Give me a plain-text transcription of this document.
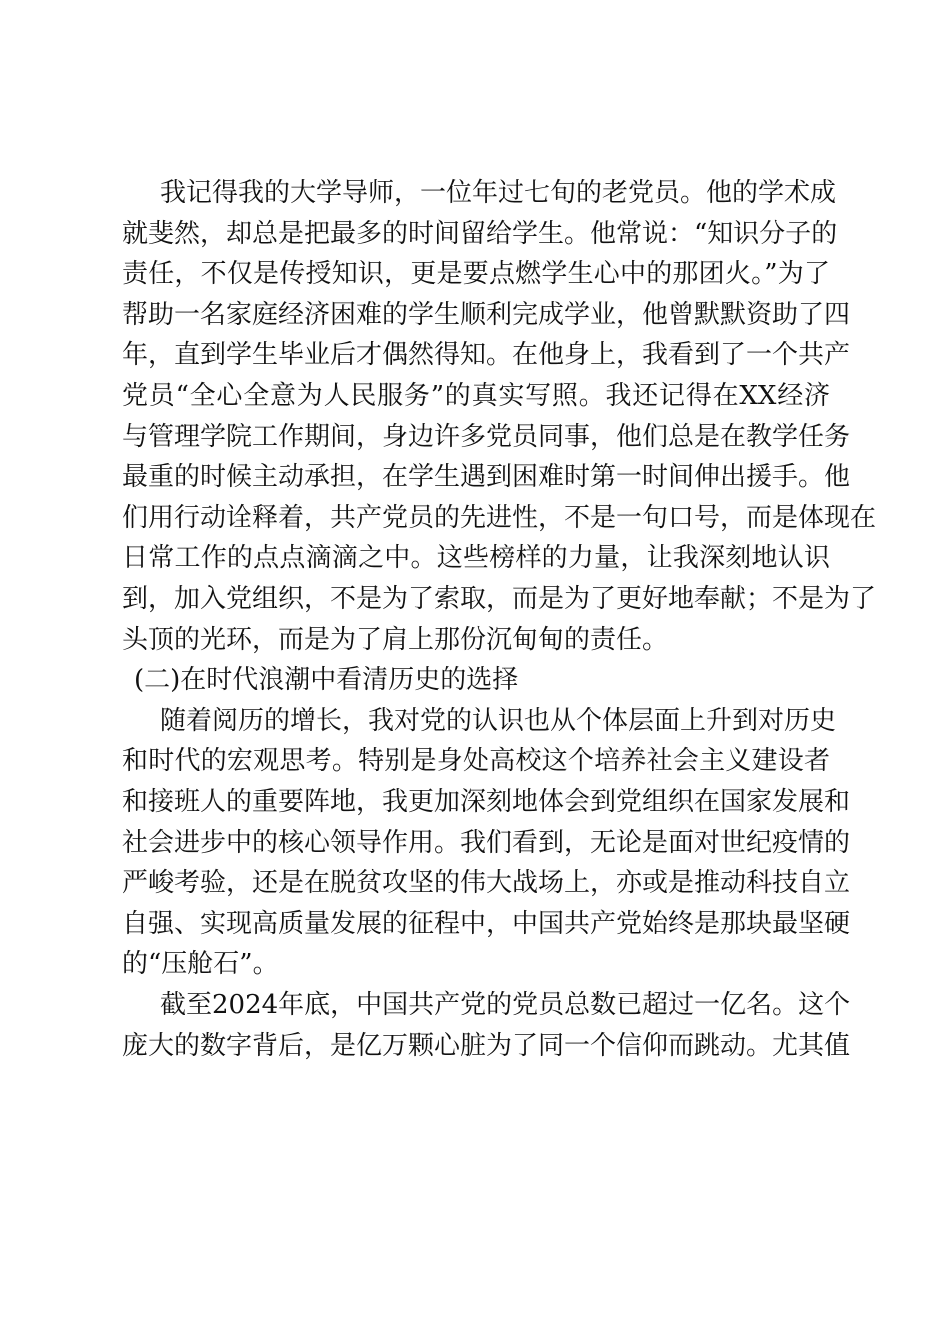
我记得我的大学导师，一位年过七旬的老党员。他的学术成
就斐然，却总是把最多的时间留给学生。他常说：“知识分子的
责任，不仅是传授知识，更是要点燃学生心中的那团火。”为了
帮助一名家庭经济困难的学生顺利完成学业，他曾默默资助了四
年，直到学生毕业后才偶然得知。在他身上，我看到了一个共产
党员“全心全意为人民服务”的真实写照。我还记得在XX经济
与管理学院工作期间，身边许多党员同事，他们总是在教学任务
最重的时候主动承担，在学生遇到困难时第一时间伸出援手。他
们用行动诠释着，共产党员的先进性，不是一句口号，而是体现在
日常工作的点点滴滴之中。这些榜样的力量，让我深刻地认识
到，加入党组织，不是为了索取，而是为了更好地奉献；不是为了
头顶的光环，而是为了肩上那份沉甸甸的责任。
(二)在时代浪潮中看清历史的选择
随着阅历的增长，我对党的认识也从个体层面上升到对历史
和时代的宏观思考。特别是身处高校这个培养社会主义建设者
和接班人的重要阵地，我更加深刻地体会到党组织在国家发展和
社会进步中的核心领导作用。我们看到，无论是面对世纪疫情的
严峻考验，还是在脱贫攻坚的伟大战场上，亦或是推动科技自立
自强、实现高质量发展的征程中，中国共产党始终是那块最坚硬
的“压舱石”。
截至2024年底，中国共产党的党员总数已超过一亿名。这个
庞大的数字背后，是亿万颗心脏为了同一个信仰而跳动。尤其值
